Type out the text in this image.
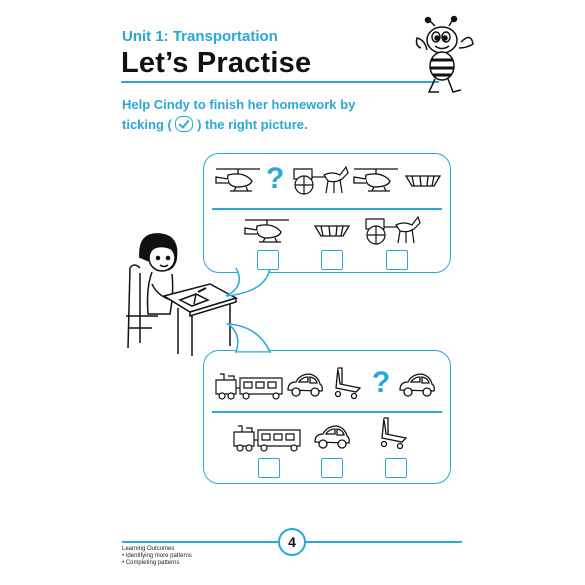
Unit 1: Transportation
Let’s Practise
Help Cindy to finish her homework by
ticking ( ) the right picture.
?
?
4
Learning Outcomes
• Identifying more patterns
• Completing patterns
